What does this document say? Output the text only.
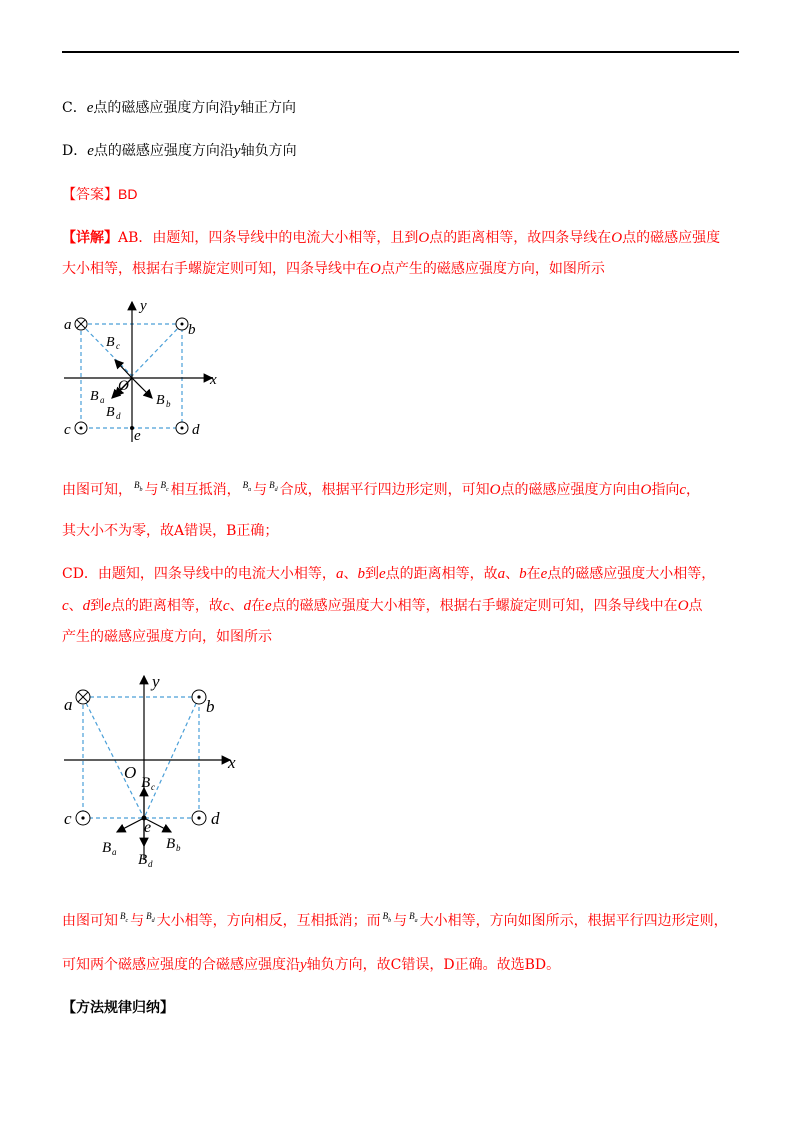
C．e点的磁感应强度方向沿y轴正方向
D．e点的磁感应强度方向沿y轴负方向
【答案】BD
【详解】AB．由题知，四条导线中的电流大小相等，且到O点的距离相等，故四条导线在O点的磁感应强度
大小相等，根据右手螺旋定则可知，四条导线中在O点产生的磁感应强度方向，如图所示
a	b
c	d
e
O	x
y
B c
B a
B d
B b
由图可知， $B_b$ 与 $B_c$ 相互抵消， $B_a$ 与 $B_d$ 合成，根据平行四边形定则，可知O点的磁感应强度方向由O指向c，
其大小不为零，故A错误，B正确；
CD．由题知，四条导线中的电流大小相等，a、b到e点的距离相等，故a、b在e点的磁感应强度大小相等，
c、d到e点的距离相等，故c、d在e点的磁感应强度大小相等，根据右手螺旋定则可知，四条导线中在O点
产生的磁感应强度方向，如图所示
a	b
c	d
e
O
x
y
B c
B a B d
B b
由图可知 $B_c$ 与 $B_d$ 大小相等，方向相反，互相抵消；而 $B_b$ 与 $B_a$ 大小相等，方向如图所示，根据平行四边形定则，
可知两个磁感应强度的合磁感应强度沿y轴负方向，故C错误，D正确。故选BD。
【方法规律归纳】
